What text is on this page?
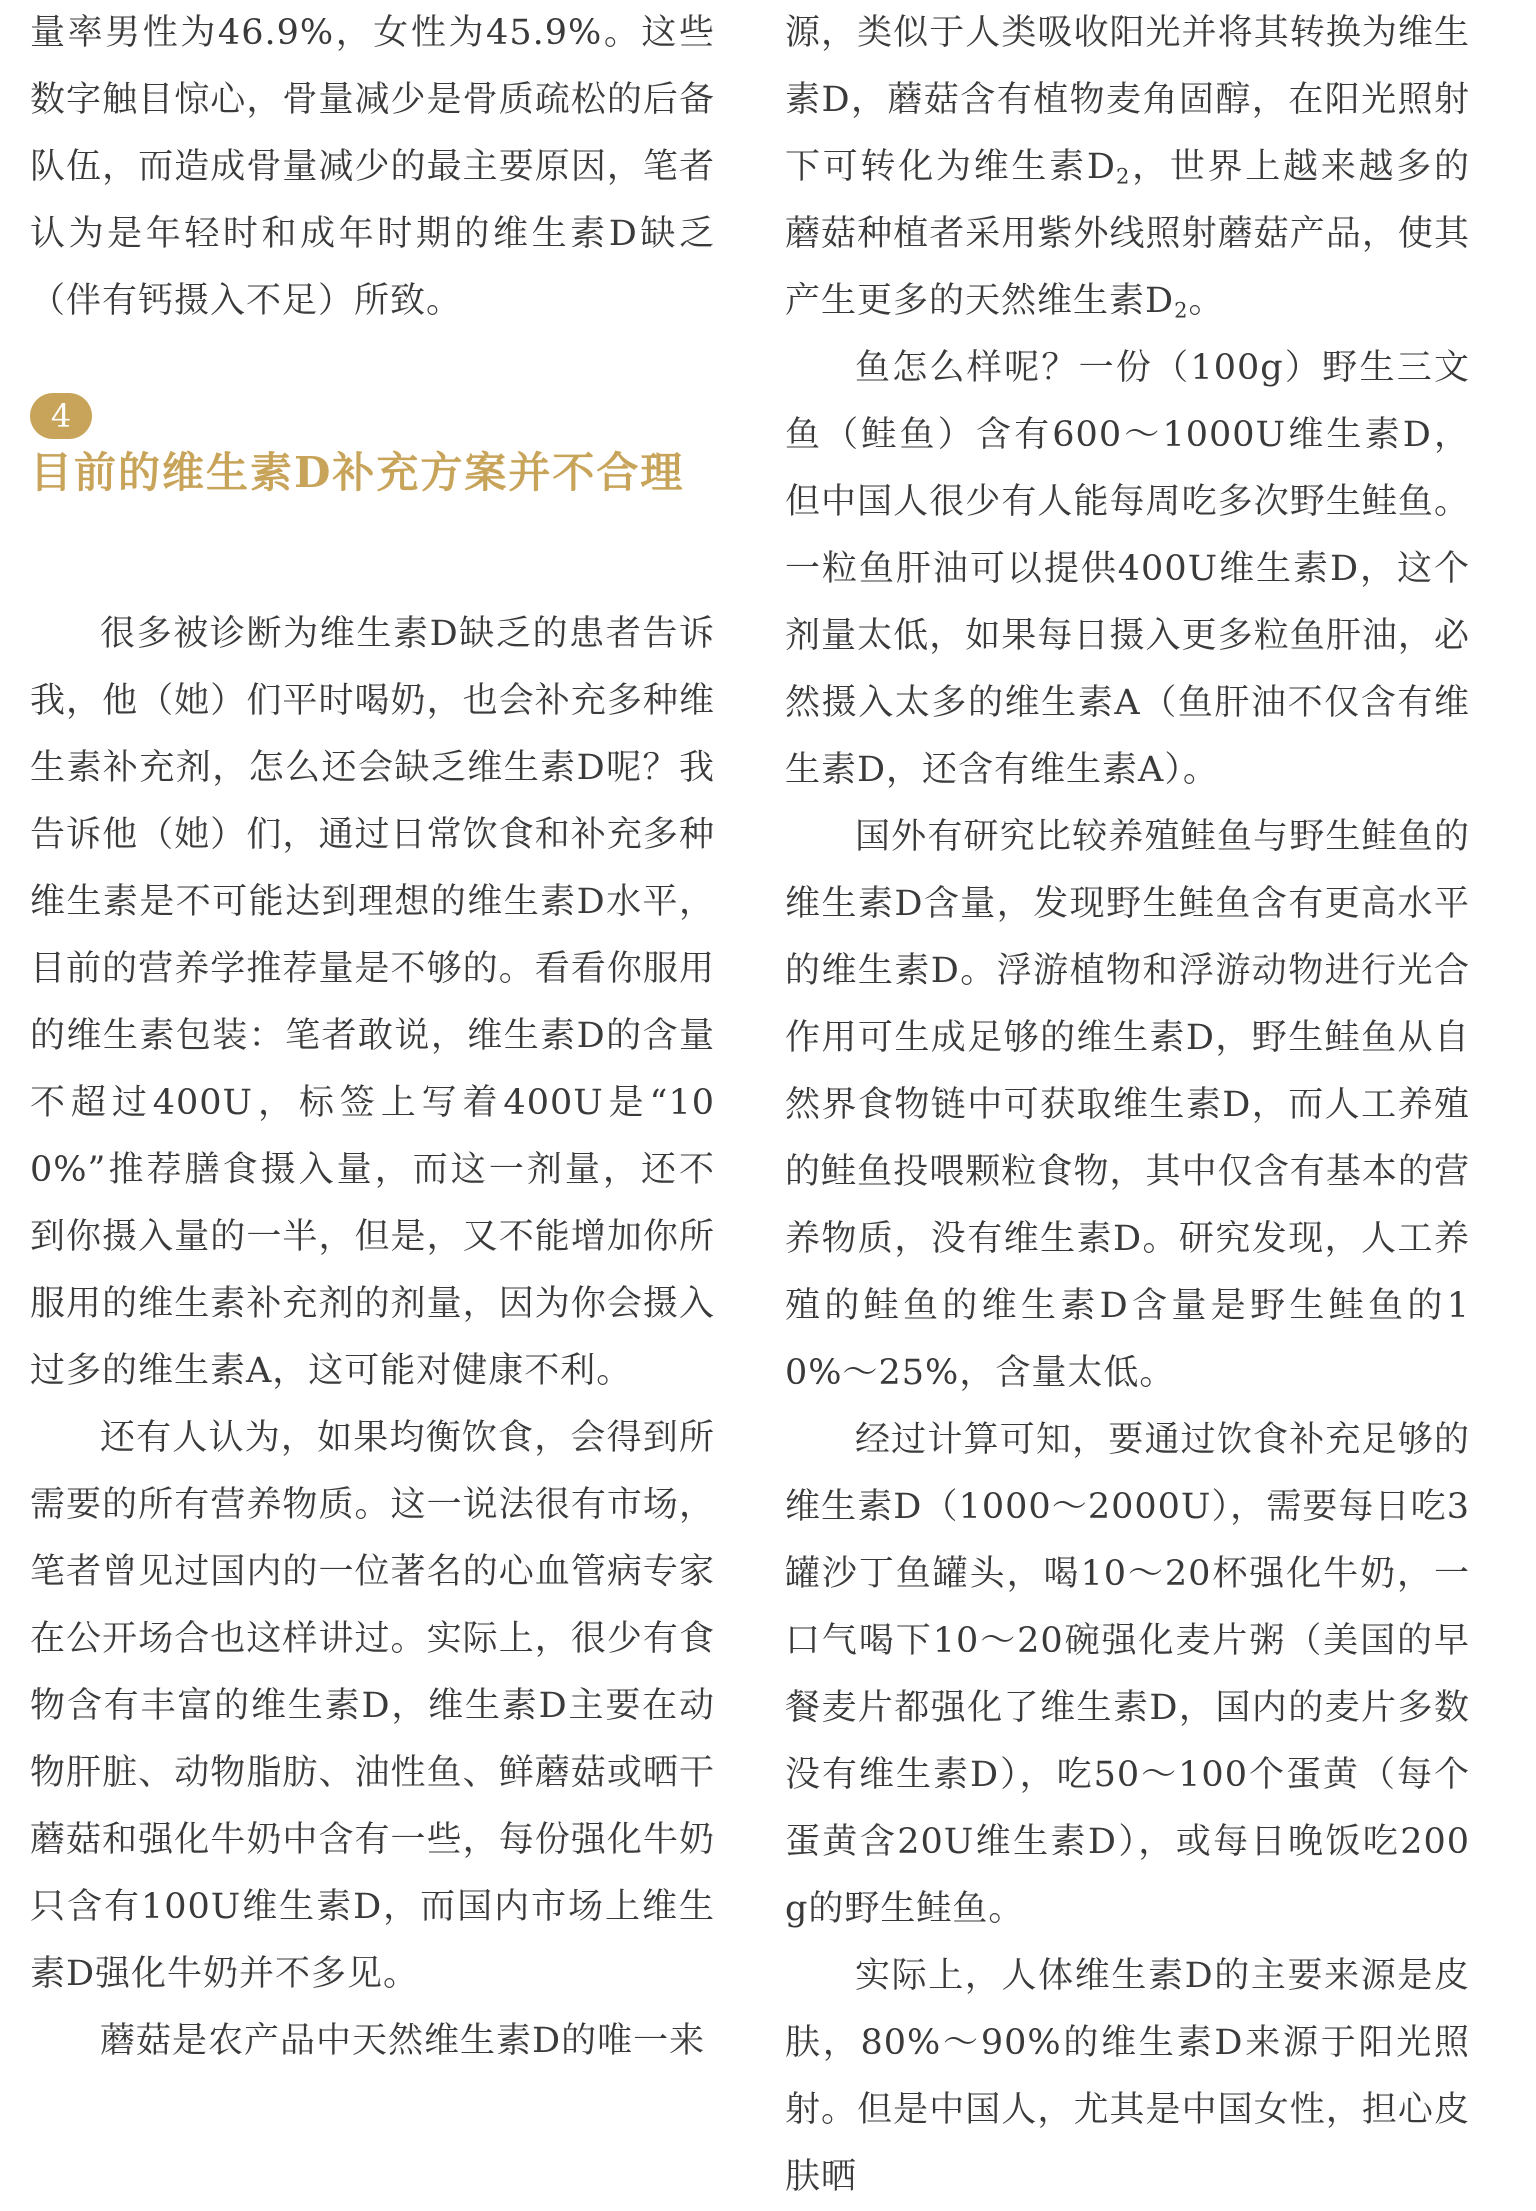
量率男性为46.9%，女性为45.9%。这些数字触目惊心，骨量减少是骨质疏松的后备队伍，而造成骨量减少的最主要原因，笔者认为是年轻时和成年时期的维生素D缺乏（伴有钙摄入不足）所致。

4
目前的维生素D补充方案并不合理

很多被诊断为维生素D缺乏的患者告诉我，他（她）们平时喝奶，也会补充多种维生素补充剂，怎么还会缺乏维生素D呢？我告诉他（她）们，通过日常饮食和补充多种维生素是不可能达到理想的维生素D水平，目前的营养学推荐量是不够的。看看你服用的维生素包装：笔者敢说，维生素D的含量不超过400U，标签上写着400U是“100%”推荐膳食摄入量，而这一剂量，还不到你摄入量的一半，但是，又不能增加你所服用的维生素补充剂的剂量，因为你会摄入过多的维生素A，这可能对健康不利。

还有人认为，如果均衡饮食，会得到所需要的所有营养物质。这一说法很有市场，笔者曾见过国内的一位著名的心血管病专家在公开场合也这样讲过。实际上，很少有食物含有丰富的维生素D，维生素D主要在动物肝脏、动物脂肪、油性鱼、鲜蘑菇或晒干蘑菇和强化牛奶中含有一些，每份强化牛奶只含有100U维生素D，而国内市场上维生素D强化牛奶并不多见。

蘑菇是农产品中天然维生素D的唯一来

源，类似于人类吸收阳光并将其转换为维生素D，蘑菇含有植物麦角固醇，在阳光照射下可转化为维生素$D_2$，世界上越来越多的蘑菇种植者采用紫外线照射蘑菇产品，使其产生更多的天然维生素$D_2$。

鱼怎么样呢？一份（100g）野生三文鱼（鲑鱼）含有600～1000U维生素D，但中国人很少有人能每周吃多次野生鲑鱼。一粒鱼肝油可以提供400U维生素D，这个剂量太低，如果每日摄入更多粒鱼肝油，必然摄入太多的维生素A（鱼肝油不仅含有维生素D，还含有维生素A）。

国外有研究比较养殖鲑鱼与野生鲑鱼的维生素D含量，发现野生鲑鱼含有更高水平的维生素D。浮游植物和浮游动物进行光合作用可生成足够的维生素D，野生鲑鱼从自然界食物链中可获取维生素D，而人工养殖的鲑鱼投喂颗粒食物，其中仅含有基本的营养物质，没有维生素D。研究发现，人工养殖的鲑鱼的维生素D含量是野生鲑鱼的10%～25%，含量太低。

经过计算可知，要通过饮食补充足够的维生素D（1000～2000U），需要每日吃3罐沙丁鱼罐头，喝10～20杯强化牛奶，一口气喝下10～20碗强化麦片粥（美国的早餐麦片都强化了维生素D，国内的麦片多数没有维生素D），吃50～100个蛋黄（每个蛋黄含20U维生素D），或每日晚饭吃200g的野生鲑鱼。

实际上，人体维生素D的主要来源是皮肤，80%～90%的维生素D来源于阳光照射。但是中国人，尤其是中国女性，担心皮肤晒
